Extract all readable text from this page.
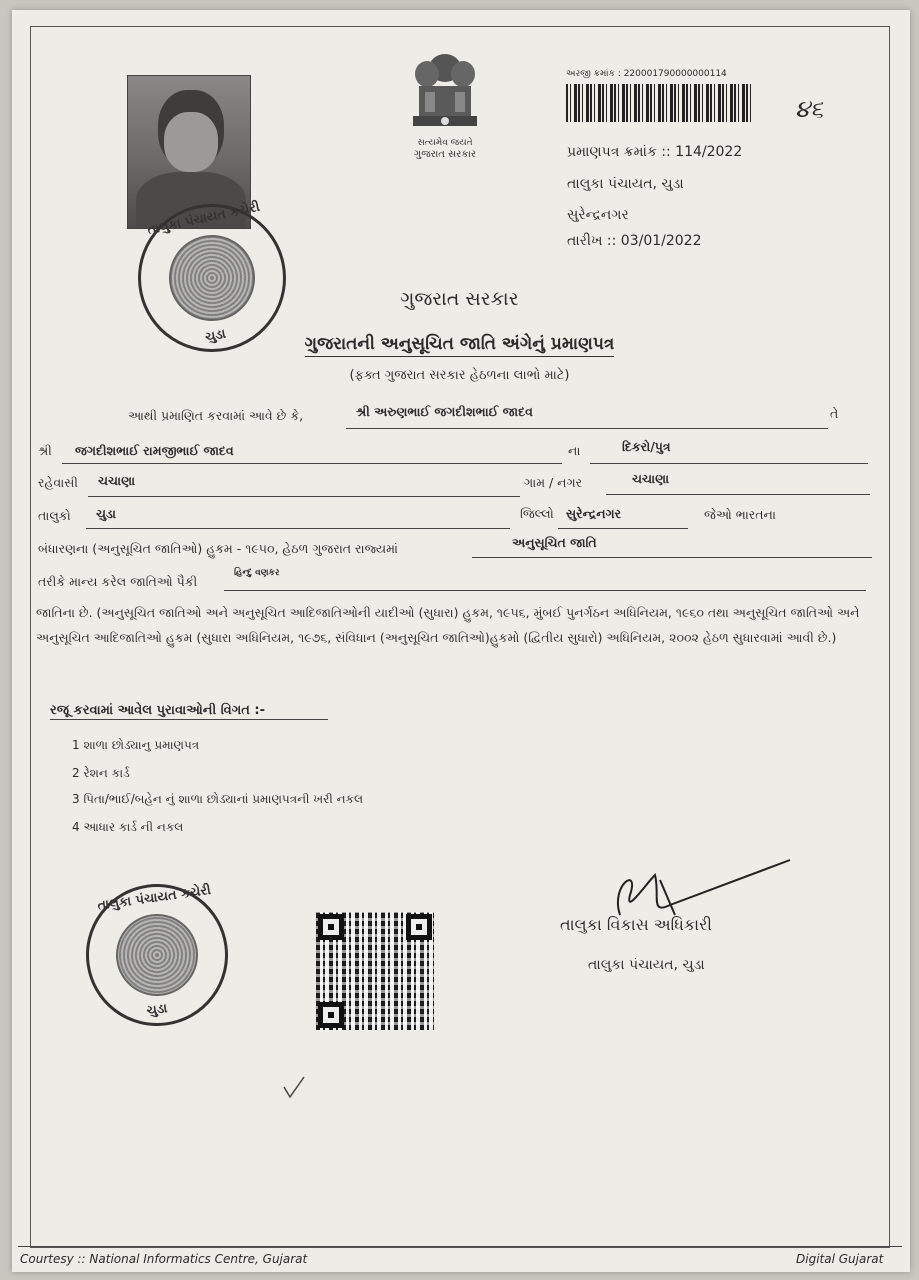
તાલુકા પંચાયત કચેરી
ચુડા
સત્યમેવ જયતે
ગુજરાત સરકાર
અરજી ક્રમાંક : 220001790000000114
૪૬
પ્રમાણપત્ર ક્રમાંક :: 114/2022
તાલુકા પંચાયત, ચુડા
સુરેન્દ્રનગર
તારીખ :: 03/01/2022
ગુજરાત સરકાર
ગુજરાતની અનુસૂચિત જાતિ અંગેનું પ્રમાણપત્ર
(ફક્ત ગુજરાત સરકાર હેઠળના લાભો માટે)
આથી પ્રમાણિત કરવામાં આવે છે કે,	શ્રી અરુણભાઈ જગદીશભાઈ જાદવ	તે
શ્રી જગદીશભાઈ રામજીભાઈ જાદવ	ના	દિકરો/પુત્ર
રહેવાસી ચચાણા	ગામ / નગર	ચચાણા
તાલુકો ચુડા	જિલ્લો સુરેન્દ્રનગર	જેઓ ભારતના
બંધારણના (અનુસૂચિત જાતિઓ) હુકમ - ૧૯૫૦, હેઠળ ગુજરાત રાજ્યમાં	અનુસૂચિત જાતિ
તરીકે માન્ય કરેલ જાતિઓ પૈકી
હિન્દુ વણકર
જાતિના છે. (અનુસૂચિત જાતિઓ અને અનુસૂચિત આદિજાતિઓની યાદીઓ (સુધારા) હુકમ, ૧૯૫૬, મુંબઈ પુનર્ગઠન અધિનિયમ, ૧૯૬૦ તથા અનુસૂચિત જાતિઓ અને અનુસૂચિત આદિજાતિઓ હુકમ (સુધારા અધિનિયમ, ૧૯૭૬, સંવિધાન (અનુસૂચિત જાતિઓ)હુકમો (દ્વિતીય સુધારો) અધિનિયમ, ૨૦૦૨ હેઠળ સુધારવામાં આવી છે.)
રજૂ કરવામાં આવેલ પુરાવાઓની વિગત :-
1 શાળા છોડ્યાનુ પ્રમાણપત્ર
2 રેશન કાર્ડ
3 પિતા/ભાઈ/બહેન નું શાળા છોડ્યાનાં પ્રમાણપત્રની ખરી નકલ
4 આધાર કાર્ડ ની નકલ
તાલુકા પંચાયત કચેરી
ચુડા
તાલુકા વિકાસ અધિકારી
તાલુકા પંચાયત, ચુડા
Courtesy :: National Informatics Centre, Gujarat	Digital Gujarat
